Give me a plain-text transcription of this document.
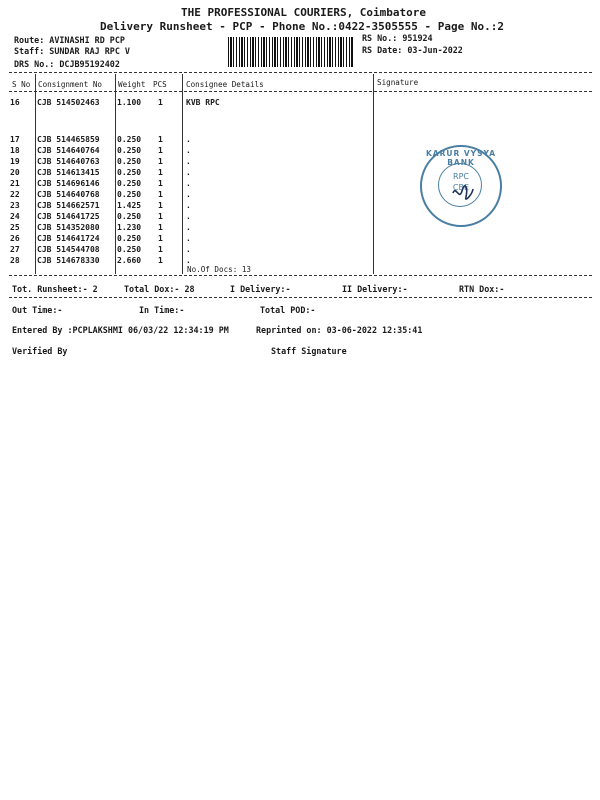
THE PROFESSIONAL COURIERS, Coimbatore
Delivery Runsheet - PCP - Phone No.:0422-3505555 - Page No.:2
Route: AVINASHI RD PCP
Staff: SUNDAR RAJ RPC V
DRS No.: DCJB95192402
RS No.: 951924
RS Date: 03-Jun-2022
S No Consignment No Weight PCS	Consignee Details	Signature
16 CJB 514502463 1.100 1	KVB RPC
17 CJB 514465859 0.250 1	.
18 CJB 514640764 0.250 1	.
19 CJB 514640763 0.250 1	.
20 CJB 514613415 0.250 1	.
21 CJB 514696146 0.250 1	.
22 CJB 514640768 0.250 1	.
23 CJB 514662571 1.425 1	.
24 CJB 514641725 0.250 1	.
25 CJB 514352080 1.230 1	.
26 CJB 514641724 0.250 1	.
27 CJB 514544708 0.250 1	.
28 CJB 514678330 2.660 1	.
No.Of Docs: 13
KARUR VYSYA BANK
RPC
CBE
Tot. Runsheet:- 2	Total Dox:- 28	I Delivery:-	II Delivery:-	RTN Dox:-
Out Time:-	In Time:-	Total POD:-
Entered By :PCPLAKSHMI 06/03/22 12:34:19 PM	Reprinted on: 03-06-2022 12:35:41
Verified By	Staff Signature
